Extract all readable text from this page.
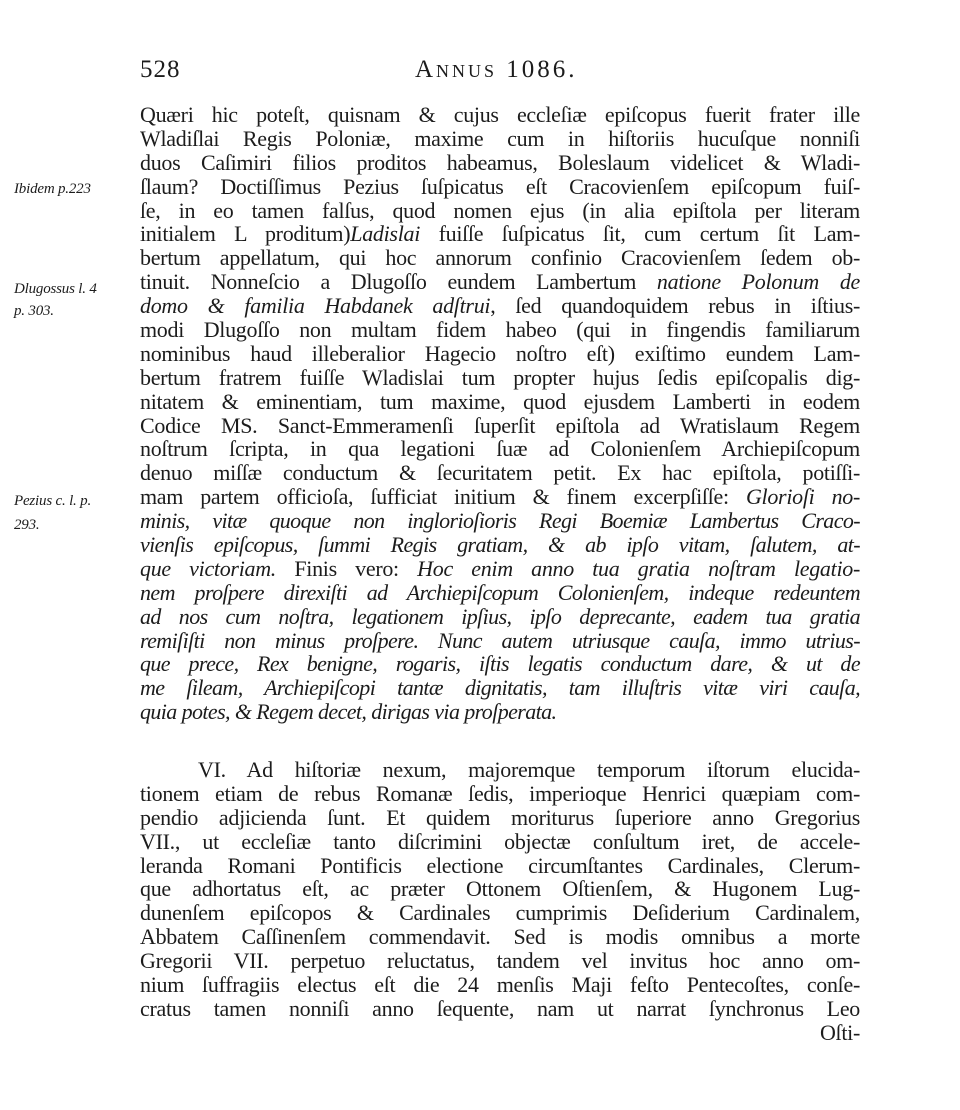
528	Annus 1086.
Ibidem p.223
Dlugossus l. 4
p. 303.
Pezius c. l. p.
293.
Quæri hic poteſt, quisnam & cujus eccleſiæ epiſcopus fuerit frater ille
Wladiſlai Regis Poloniæ, maxime cum in hiſtoriis hucuſque nonniſi
duos Caſimiri filios proditos habeamus, Boleslaum videlicet & Wladi-
ſlaum? Doctiſſimus Pezius ſuſpicatus eſt Cracovienſem epiſcopum fuiſ-
ſe, in eo tamen falſus, quod nomen ejus (in alia epiſtola per literam
initialem L proditum)Ladislai fuiſſe ſuſpicatus ſit, cum certum ſit Lam-
bertum appellatum, qui hoc annorum confinio Cracovienſem ſedem ob-
tinuit. Nonneſcio a Dlugoſſo eundem Lambertum natione Polonum de
domo & familia Habdanek adſtrui, ſed quandoquidem rebus in iſtius-
modi Dlugoſſo non multam fidem habeo (qui in fingendis familiarum
nominibus haud illeberalior Hagecio noſtro eſt) exiſtimo eundem Lam-
bertum fratrem fuiſſe Wladislai tum propter hujus ſedis epiſcopalis dig-
nitatem & eminentiam, tum maxime, quod ejusdem Lamberti in eodem
Codice MS. Sanct-Emmeramenſi ſuperſit epiſtola ad Wratislaum Regem
noſtrum ſcripta, in qua legationi ſuæ ad Colonienſem Archiepiſcopum
denuo miſſæ conductum & ſecuritatem petit. Ex hac epiſtola, potiſſi-
mam partem officioſa, ſufficiat initium & finem excerpſiſſe: Glorioſi no-
minis, vitæ quoque non inglorioſioris Regi Boemiæ Lambertus Craco-
vienſis epiſcopus, ſummi Regis gratiam, & ab ipſo vitam, ſalutem, at-
que victoriam. Finis vero: Hoc enim anno tua gratia noſtram legatio-
nem proſpere direxiſti ad Archiepiſcopum Colonienſem, indeque redeuntem
ad nos cum noſtra, legationem ipſius, ipſo deprecante, eadem tua gratia
remiſiſti non minus proſpere. Nunc autem utriusque cauſa, immo utrius-
que prece, Rex benigne, rogaris, iſtis legatis conductum dare, & ut de
me ſileam, Archiepiſcopi tantæ dignitatis, tam illuſtris vitæ viri cauſa,
quia potes, & Regem decet, dirigas via proſperata.
VI. Ad hiſtoriæ nexum, majoremque temporum iſtorum elucida-
tionem etiam de rebus Romanæ ſedis, imperioque Henrici quæpiam com-
pendio adjicienda ſunt. Et quidem moriturus ſuperiore anno Gregorius
VII., ut eccleſiæ tanto diſcrimini objectæ conſultum iret, de accele-
leranda Romani Pontificis electione circumſtantes Cardinales, Clerum-
que adhortatus eſt, ac præter Ottonem Oſtienſem, & Hugonem Lug-
dunenſem epiſcopos & Cardinales cumprimis Deſiderium Cardinalem,
Abbatem Caſſinenſem commendavit. Sed is modis omnibus a morte
Gregorii VII. perpetuo reluctatus, tandem vel invitus hoc anno om-
nium ſuffragiis electus eſt die 24 menſis Maji feſto Pentecoſtes, conſe-
cratus tamen nonniſi anno ſequente, nam ut narrat ſynchronus Leo
Oſti-
